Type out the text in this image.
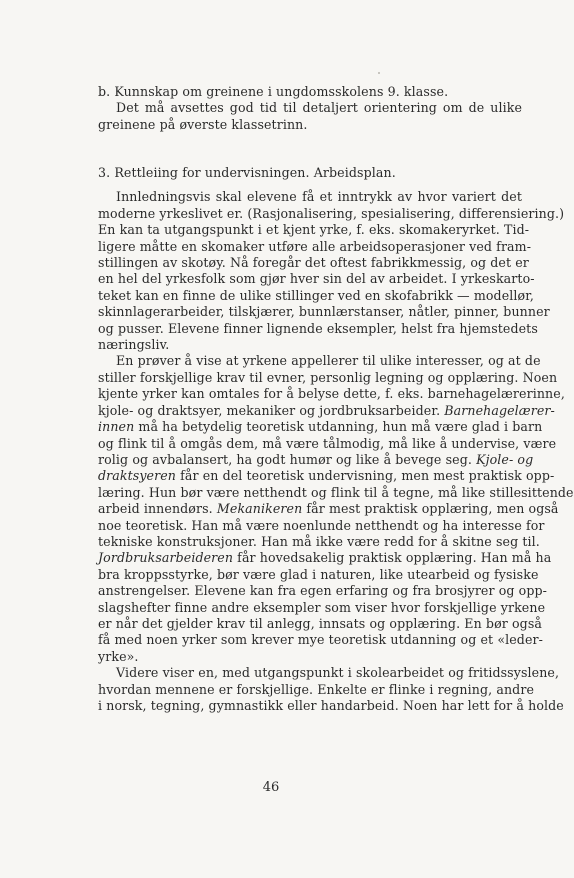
b. Kunnskap om greinene i ungdomsskolens 9. klasse.
Det må avsettes god tid til detaljert orientering om de ulike
greinene på øverste klassetrinn.
3. Rettleiing for undervisningen. Arbeidsplan.
Innledningsvis skal elevene få et inntrykk av hvor variert det
moderne yrkeslivet er. (Rasjonalisering, spesialisering, differensiering.)
En kan ta utgangspunkt i et kjent yrke, f. eks. skomakeryrket. Tid-
ligere måtte en skomaker utføre alle arbeidsoperasjoner ved fram-
stillingen av skotøy. Nå foregår det oftest fabrikkmessig, og det er
en hel del yrkesfolk som gjør hver sin del av arbeidet. I yrkeskarto-
teket kan en finne de ulike stillinger ved en skofabrikk — modellør,
skinnlagerarbeider, tilskjærer, bunnlærstanser, nåtler, pinner, bunner
og pusser. Elevene finner lignende eksempler, helst fra hjemstedets
næringsliv.
En prøver å vise at yrkene appellerer til ulike interesser, og at de
stiller forskjellige krav til evner, personlig legning og opplæring. Noen
kjente yrker kan omtales for å belyse dette, f. eks. barnehagelærerinne,
kjole- og draktsyer, mekaniker og jordbruksarbeider. Barnehagelærer-
innen må ha betydelig teoretisk utdanning, hun må være glad i barn
og flink til å omgås dem, må være tålmodig, må like å undervise, være
rolig og avbalansert, ha godt humør og like å bevege seg. Kjole- og
draktsyeren får en del teoretisk undervisning, men mest praktisk opp-
læring. Hun bør være netthendt og flink til å tegne, må like stillesittende
arbeid innendørs. Mekanikeren får mest praktisk opplæring, men også
noe teoretisk. Han må være noenlunde netthendt og ha interesse for
tekniske konstruksjoner. Han må ikke være redd for å skitne seg til.
Jordbruksarbeideren får hovedsakelig praktisk opplæring. Han må ha
bra kroppsstyrke, bør være glad i naturen, like utearbeid og fysiske
anstrengelser. Elevene kan fra egen erfaring og fra brosjyrer og opp-
slagshefter finne andre eksempler som viser hvor forskjellige yrkene
er når det gjelder krav til anlegg, innsats og opplæring. En bør også
få med noen yrker som krever mye teoretisk utdanning og et «leder-
yrke».
Videre viser en, med utgangspunkt i skolearbeidet og fritidssyslene,
hvordan mennene er forskjellige. Enkelte er flinke i regning, andre
i norsk, tegning, gymnastikk eller handarbeid. Noen har lett for å holde
46
